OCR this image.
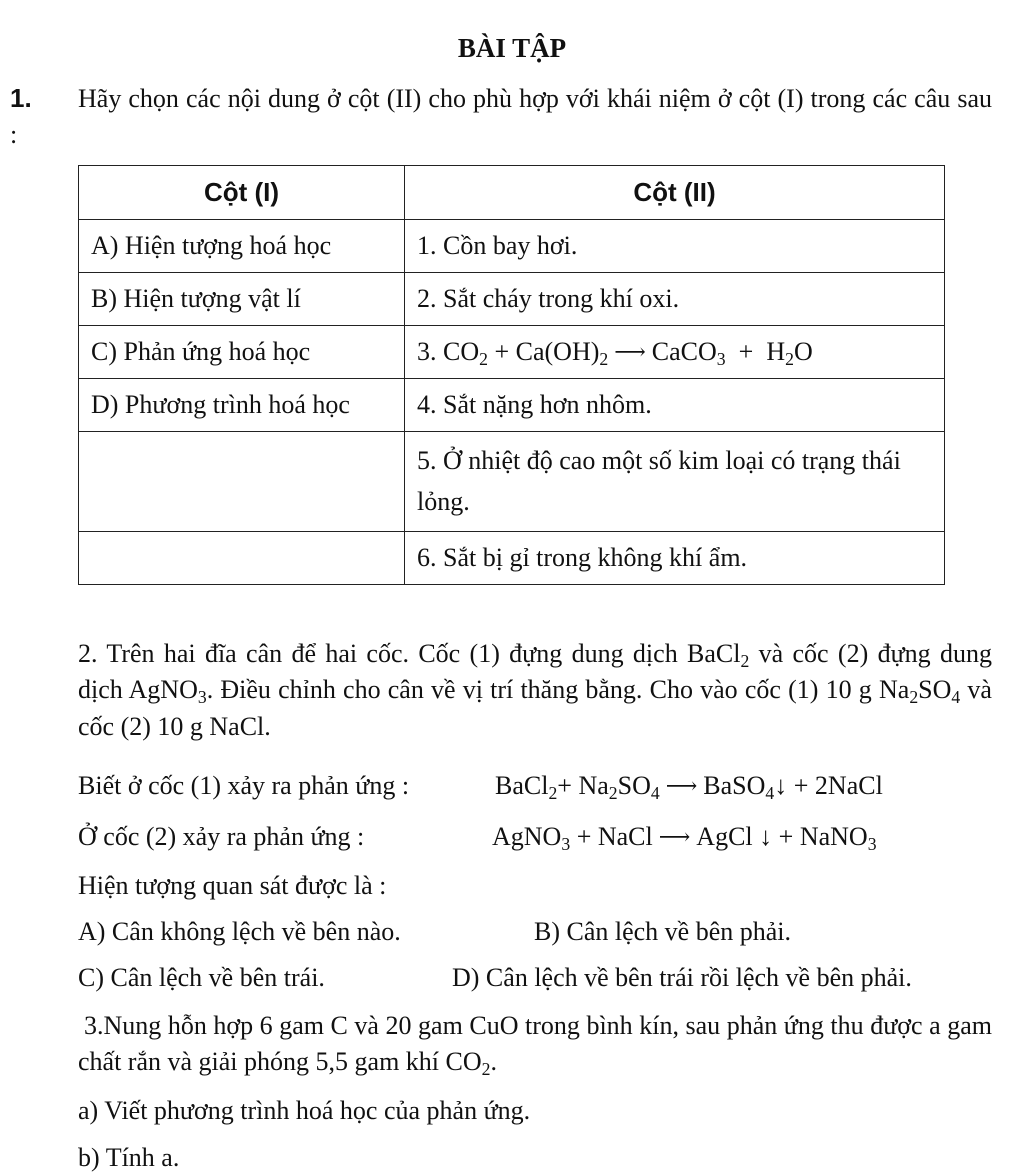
BÀI TẬP
1. Hãy chọn các nội dung ở cột (II) cho phù hợp với khái niệm ở cột (I) trong các câu sau :
Cột (I)	Cột (II)
A) Hiện tượng hoá học	1. Cồn bay hơi.
B) Hiện tượng vật lí	2. Sắt cháy trong khí oxi.
C) Phản ứng hoá học	3. $CO_2 + Ca(OH)_2$ ⟶ CaCO$_3$ + $H_2O$
D) Phương trình hoá học	4. Sắt nặng hơn nhôm.
	5. Ở nhiệt độ cao một số kim loại có trạng thái lỏng.
	6. Sắt bị gỉ trong không khí ẩm.

2. Trên hai đĩa cân để hai cốc. Cốc (1) đựng dung dịch BaCl$_2$ và cốc (2) đựng dung dịch AgNO$_3$. Điều chỉnh cho cân về vị trí thăng bằng. Cho vào cốc (1) 10 g $Na_2SO_4$ và cốc (2) 10 g NaCl.

Biết ở cốc (1) xảy ra phản ứng :	BaCl$_2$+ $Na_2SO_4$ ⟶ BaSO$_4$↓ + 2NaCl
Ở cốc (2) xảy ra phản ứng :	AgNO$_3$ + NaCl ⟶ AgCl ↓ + NaNO$_3$
Hiện tượng quan sát được là :
A) Cân không lệch về bên nào.	B) Cân lệch về bên phải.
C) Cân lệch về bên trái.	D) Cân lệch về bên trái rồi lệch về bên phải.

3.Nung hỗn hợp 6 gam C và 20 gam CuO trong bình kín, sau phản ứng thu được a gam chất rắn và giải phóng 5,5 gam khí $CO_2$.

a) Viết phương trình hoá học của phản ứng.
b) Tính a.
